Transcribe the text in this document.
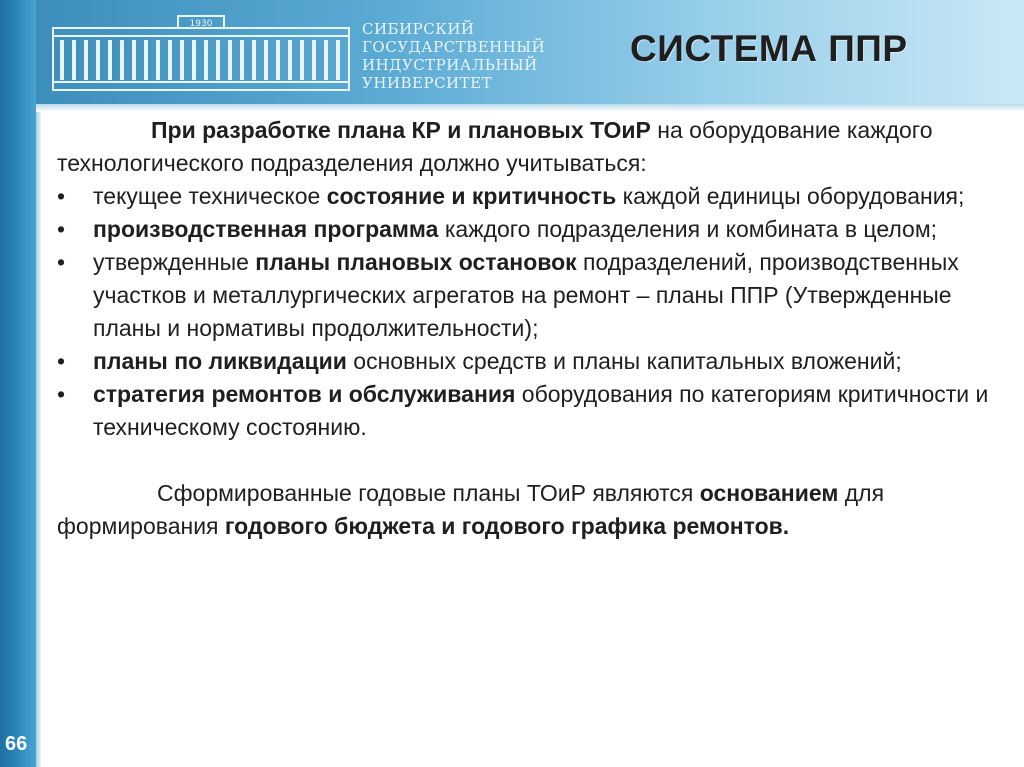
1930	СИБИРСКИЙ
ГОСУДАРСТВЕННЫЙ
ИНДУСТРИАЛЬНЫЙ
УНИВЕРСИТЕТ
СИСТЕМА ППР

При разработке плана КР и плановых ТОиР на оборудование каждого технологического подразделения должно учитываться:

•	текущее техническое состояние и критичность каждой единицы оборудования;
•	производственная программа каждого подразделения и комбината в целом;
•	утвержденные планы плановых остановок подразделений, производственных участков и металлургических агрегатов на ремонт – планы ППР (Утвержденные планы и нормативы продолжительности);
•	планы по ликвидации основных средств и планы капитальных вложений;
•	стратегия ремонтов и обслуживания оборудования по категориям критичности и техническому состоянию.

Сформированные годовые планы ТОиР являются основанием для формирования годового бюджета и годового графика ремонтов.

66
